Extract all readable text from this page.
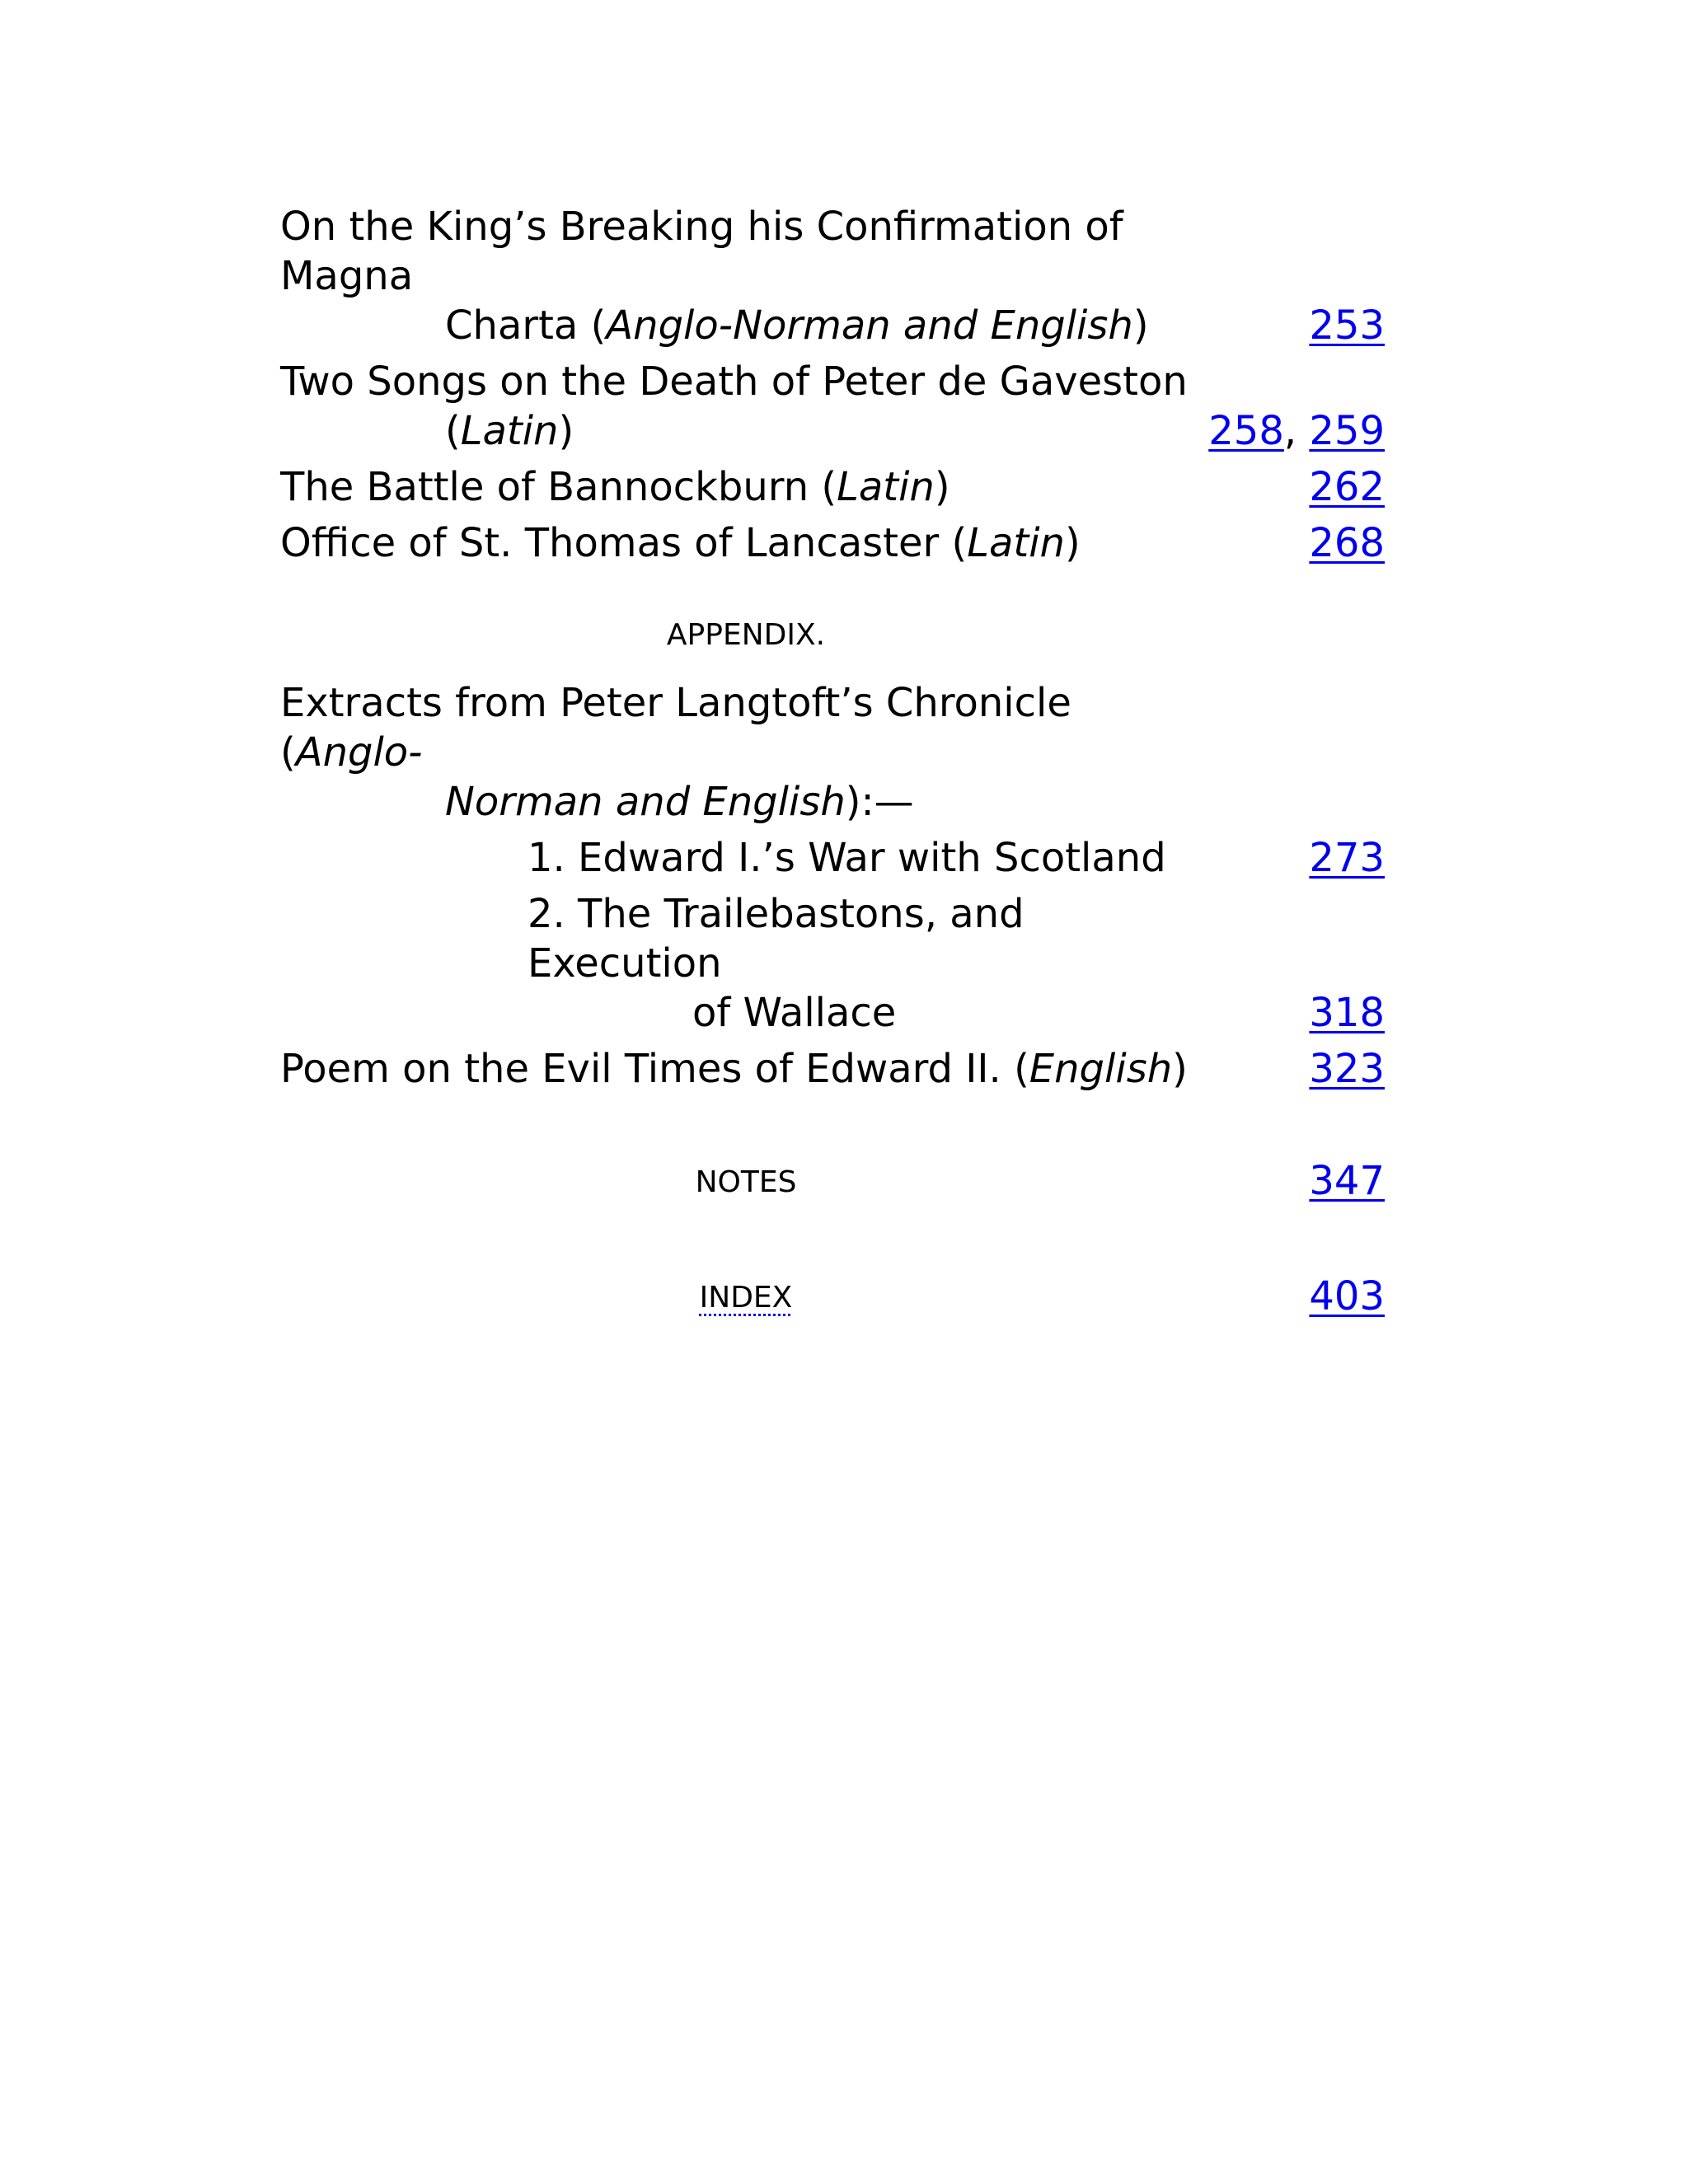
On the King’s Breaking his Confirmation of Magna
Charta (Anglo-Norman and English)	253
Two Songs on the Death of Peter de Gaveston
(Latin)	258, 259
The Battle of Bannockburn (Latin)	262
Office of St. Thomas of Lancaster (Latin)	268
APPENDIX.
Extracts from Peter Langtoft’s Chronicle (Anglo-
Norman and English):—
1. Edward I.’s War with Scotland	273
2. The Trailebastons, and Execution
of Wallace	318
Poem on the Evil Times of Edward II. (English)	323
NOTES	347
INDEX	403
